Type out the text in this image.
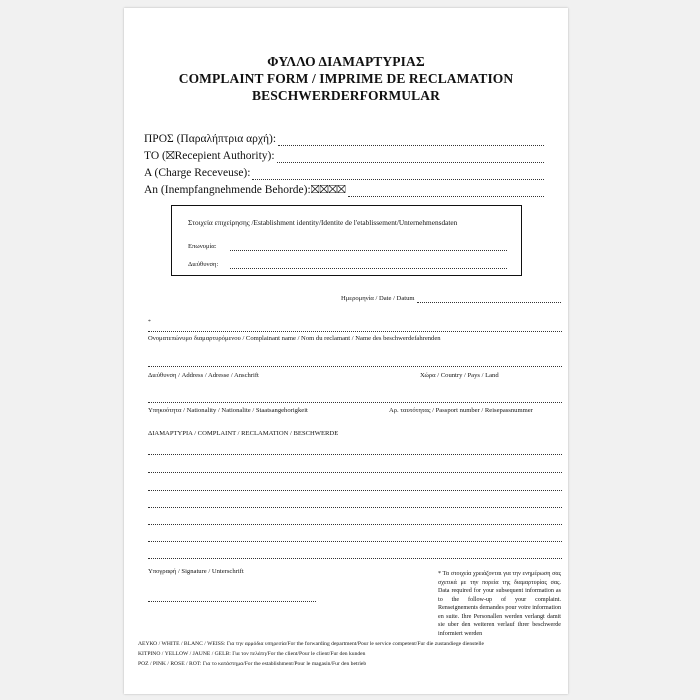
ΦΥΛΛΟ ΔΙΑΜΑΡΤΥΡΙΑΣ
COMPLAINT FORM / IMPRIME DE RECLAMATION
BESCHWERDERFORMULAR
ΠΡΟΣ (Παραλήπτρια αρχή):
TO (⛝Recepient Authority):
A (Charge Receveuse):
An (Inempfangnehmende Behorde):⛝⛝⛝⛝
Στοιχεία επιχείρησης /Establishment identity/Identite de l'etablissement/Unternehmensdaten
Επωνυμία:
Διεύθυνση:
Ημερομηνία / Date / Datum
*
Ονοματεπώνυμο διαμαρτυρόμενου / Complainant name / Nom du reclamant / Name des beschwerdefahrenden
Διεύθυνση / Address / Adresse / Anschrift	Χώρα / Country / Pays / Land
Υπηκοότητα / Nationality / Nationalite / Staatsangehorigkeit	Αρ. ταυτότητας / Passport number / Reisepassnummer
ΔΙΑΜΑΡΤΥΡΙΑ / COMPLAINT / RECLAMATION / BESCHWERDE
Υπογραφή / Signature / Unterschrift	* Τα στοιχεία χρειάζονται για την ενημέρωση σας σχετικά με την πορεία της διαμαρτυρίας σας. Data required for your subsequent information as to the follow-up of your complaint. Renseignements demandes pour votre information en suite. Ihre Personallen werden verlangt damit sie uber den weiteren verlauf ihrer beschwerde informiert werden
ΛΕΥΚΟ / WHITE / BLANC / WEISS: Για την αρμόδια υπηρεσία/For the forwarding department/Pour le service competent/Fur die zustandiege dienstelle
ΚΙΤΡΙΝΟ / YELLOW / JAUNE / GELB: Για τον πελάτη/For the client/Pour le client/Fur den kunden
ΡΟΖ / PINK / ROSE / ROT: Για το κατάστημα/For the establishment/Pour le magasin/Fur den betrieb
